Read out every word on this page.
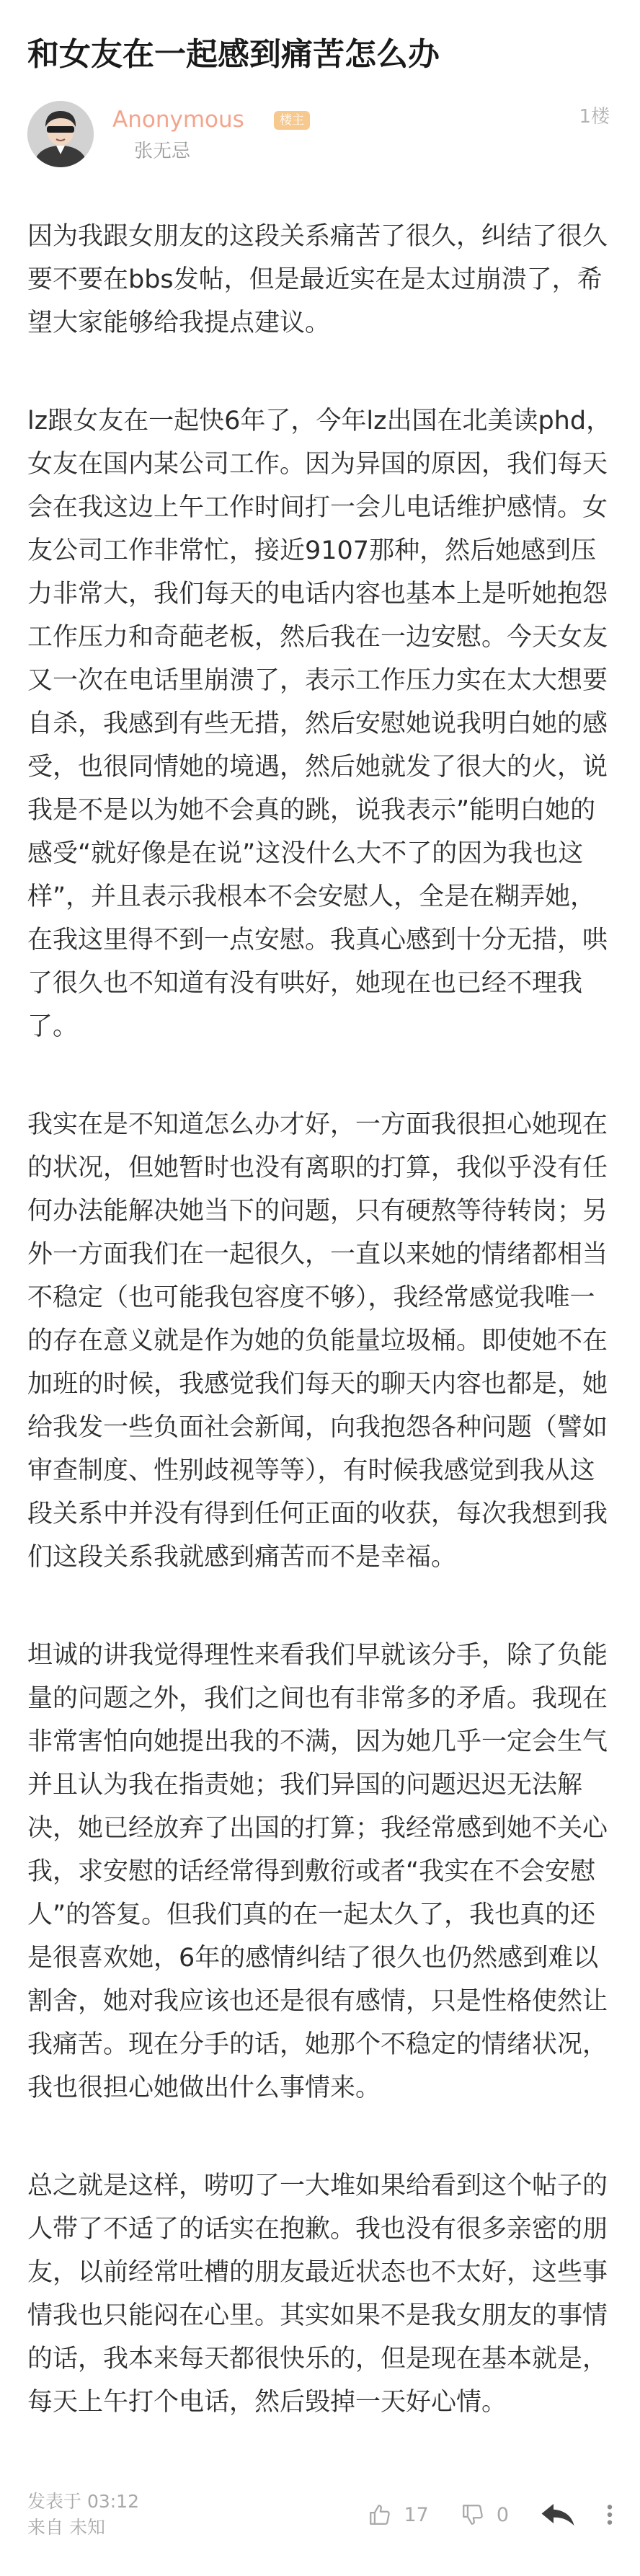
和女友在一起感到痛苦怎么办
Anonymous	楼主
张无忌
1楼

因为我跟女朋友的这段关系痛苦了很久，纠结了很久要不要在bbs发帖，但是最近实在是太过崩溃了，希望大家能够给我提点建议。

lz跟女友在一起快6年了，今年lz出国在北美读phd，女友在国内某公司工作。因为异国的原因，我们每天会在我这边上午工作时间打一会儿电话维护感情。女友公司工作非常忙，接近9107那种，然后她感到压力非常大，我们每天的电话内容也基本上是听她抱怨工作压力和奇葩老板，然后我在一边安慰。今天女友又一次在电话里崩溃了，表示工作压力实在太大想要自杀，我感到有些无措，然后安慰她说我明白她的感受，也很同情她的境遇，然后她就发了很大的火，说我是不是以为她不会真的跳，说我表示”能明白她的感受“就好像是在说”这没什么大不了的因为我也这样”，并且表示我根本不会安慰人，全是在糊弄她，在我这里得不到一点安慰。我真心感到十分无措，哄了很久也不知道有没有哄好，她现在也已经不理我了。

我实在是不知道怎么办才好，一方面我很担心她现在的状况，但她暂时也没有离职的打算，我似乎没有任何办法能解决她当下的问题，只有硬熬等待转岗；另外一方面我们在一起很久，一直以来她的情绪都相当不稳定（也可能我包容度不够），我经常感觉我唯一的存在意义就是作为她的负能量垃圾桶。即使她不在加班的时候，我感觉我们每天的聊天内容也都是，她给我发一些负面社会新闻，向我抱怨各种问题（譬如审查制度、性别歧视等等），有时候我感觉到我从这段关系中并没有得到任何正面的收获，每次我想到我们这段关系我就感到痛苦而不是幸福。

坦诚的讲我觉得理性来看我们早就该分手，除了负能量的问题之外，我们之间也有非常多的矛盾。我现在非常害怕向她提出我的不满，因为她几乎一定会生气并且认为我在指责她；我们异国的问题迟迟无法解决，她已经放弃了出国的打算；我经常感到她不关心我，求安慰的话经常得到敷衍或者“我实在不会安慰人”的答复。但我们真的在一起太久了，我也真的还是很喜欢她，6年的感情纠结了很久也仍然感到难以割舍，她对我应该也还是很有感情，只是性格使然让我痛苦。现在分手的话，她那个不稳定的情绪状况，我也很担心她做出什么事情来。

总之就是这样，唠叨了一大堆如果给看到这个帖子的人带了不适了的话实在抱歉。我也没有很多亲密的朋友，以前经常吐槽的朋友最近状态也不太好，这些事情我也只能闷在心里。其实如果不是我女朋友的事情的话，我本来每天都很快乐的，但是现在基本就是，每天上午打个电话，然后毁掉一天好心情。

发表于 03:12
来自 未知
17	0
